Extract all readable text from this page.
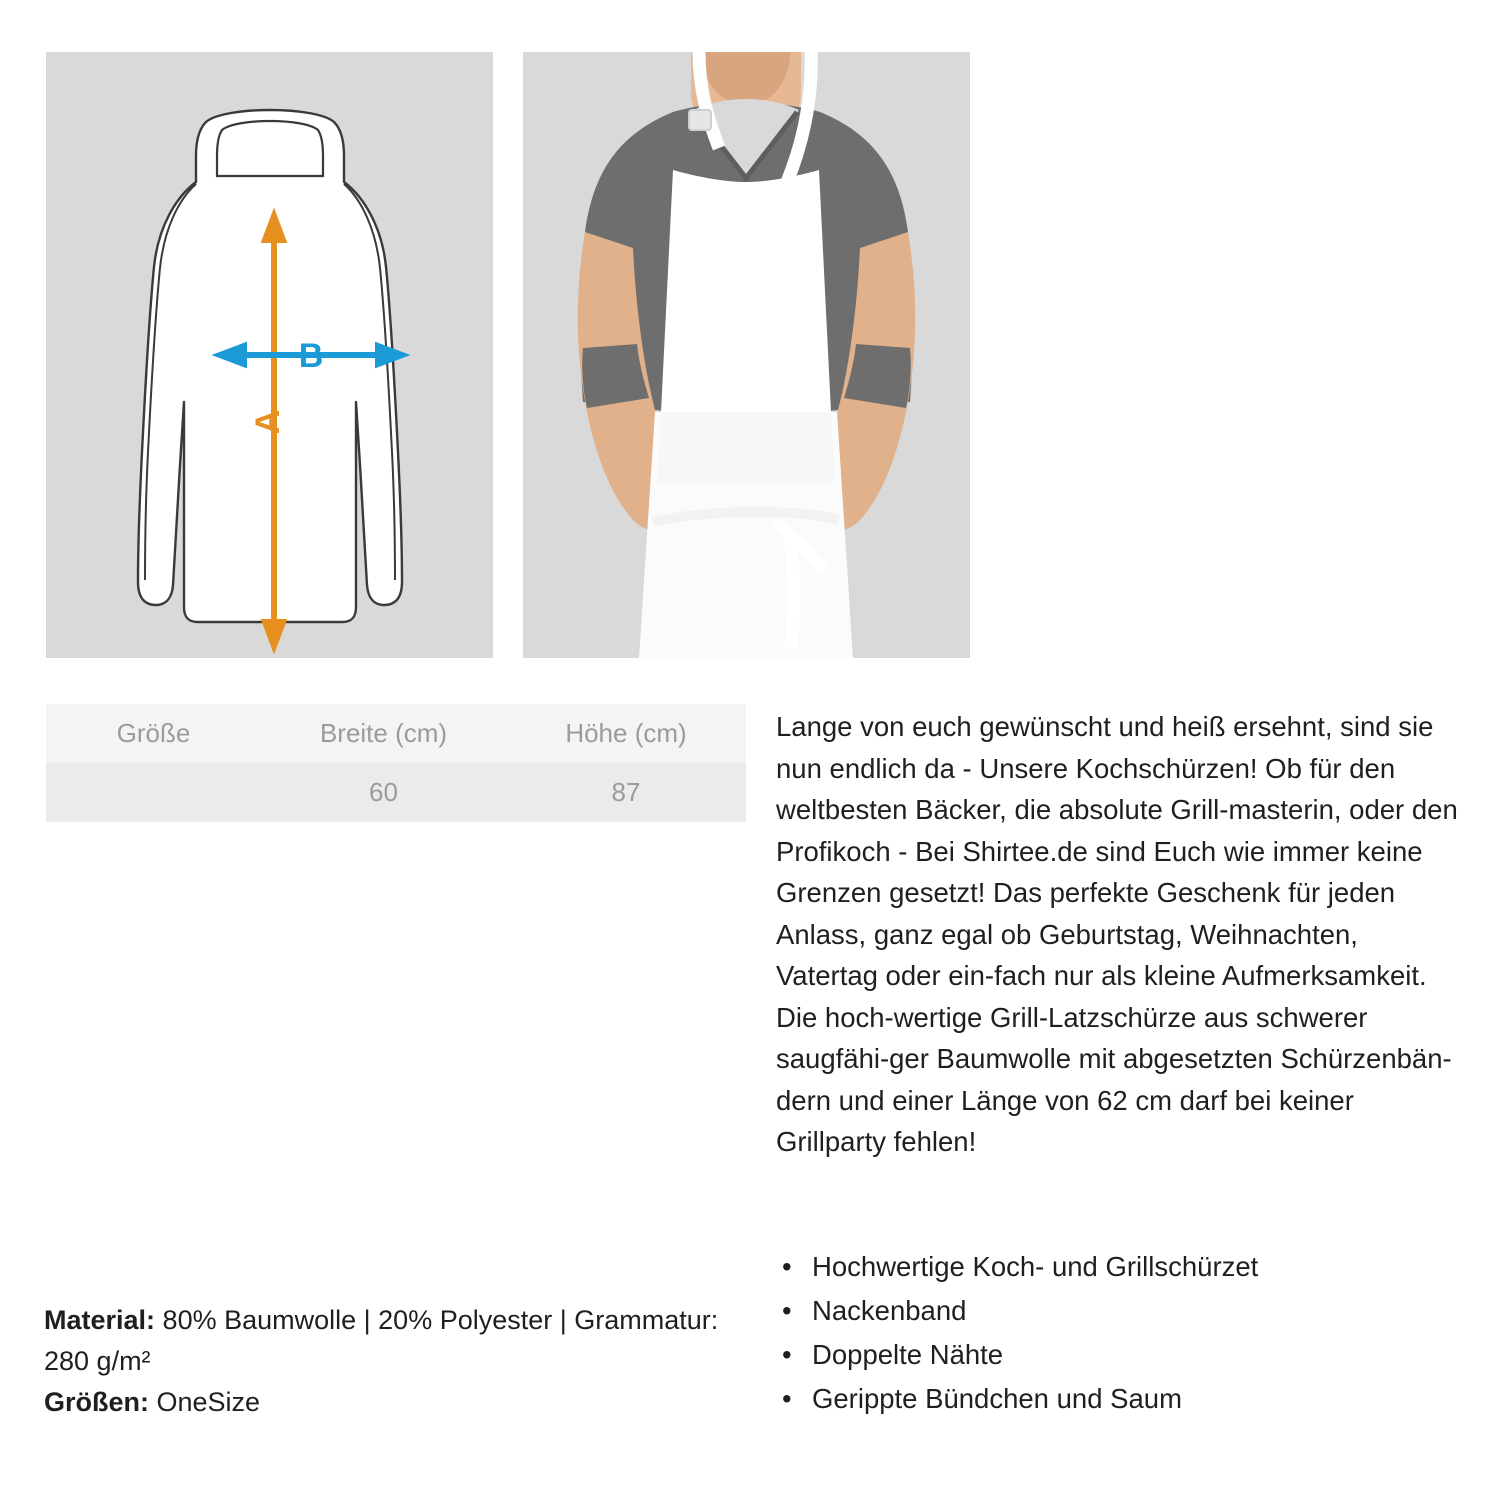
A
B
Größe	Breite (cm)	Höhe (cm)
	60	87
Material: 80% Baumwolle | 20% Polyester | Grammatur: 280 g/m²
Größen: OneSize
Lange von euch gewünscht und heiß ersehnt, sind sie nun endlich da - Unsere Kochschürzen! Ob für den weltbesten Bäcker, die absolute Grill-masterin, oder den Profikoch - Bei Shirtee.de sind Euch wie immer keine Grenzen gesetzt! Das perfekte Geschenk für jeden Anlass, ganz egal ob Geburtstag, Weihnachten, Vatertag oder ein-fach nur als kleine Aufmerksamkeit. Die hoch-wertige Grill-Latzschürze aus schwerer saugfähi-ger Baumwolle mit abgesetzten Schürzenbän-dern und einer Länge von 62 cm darf bei keiner Grillparty fehlen!
• Hochwertige Koch- und Grillschürzet
• Nackenband
• Doppelte Nähte
• Gerippte Bündchen und Saum
